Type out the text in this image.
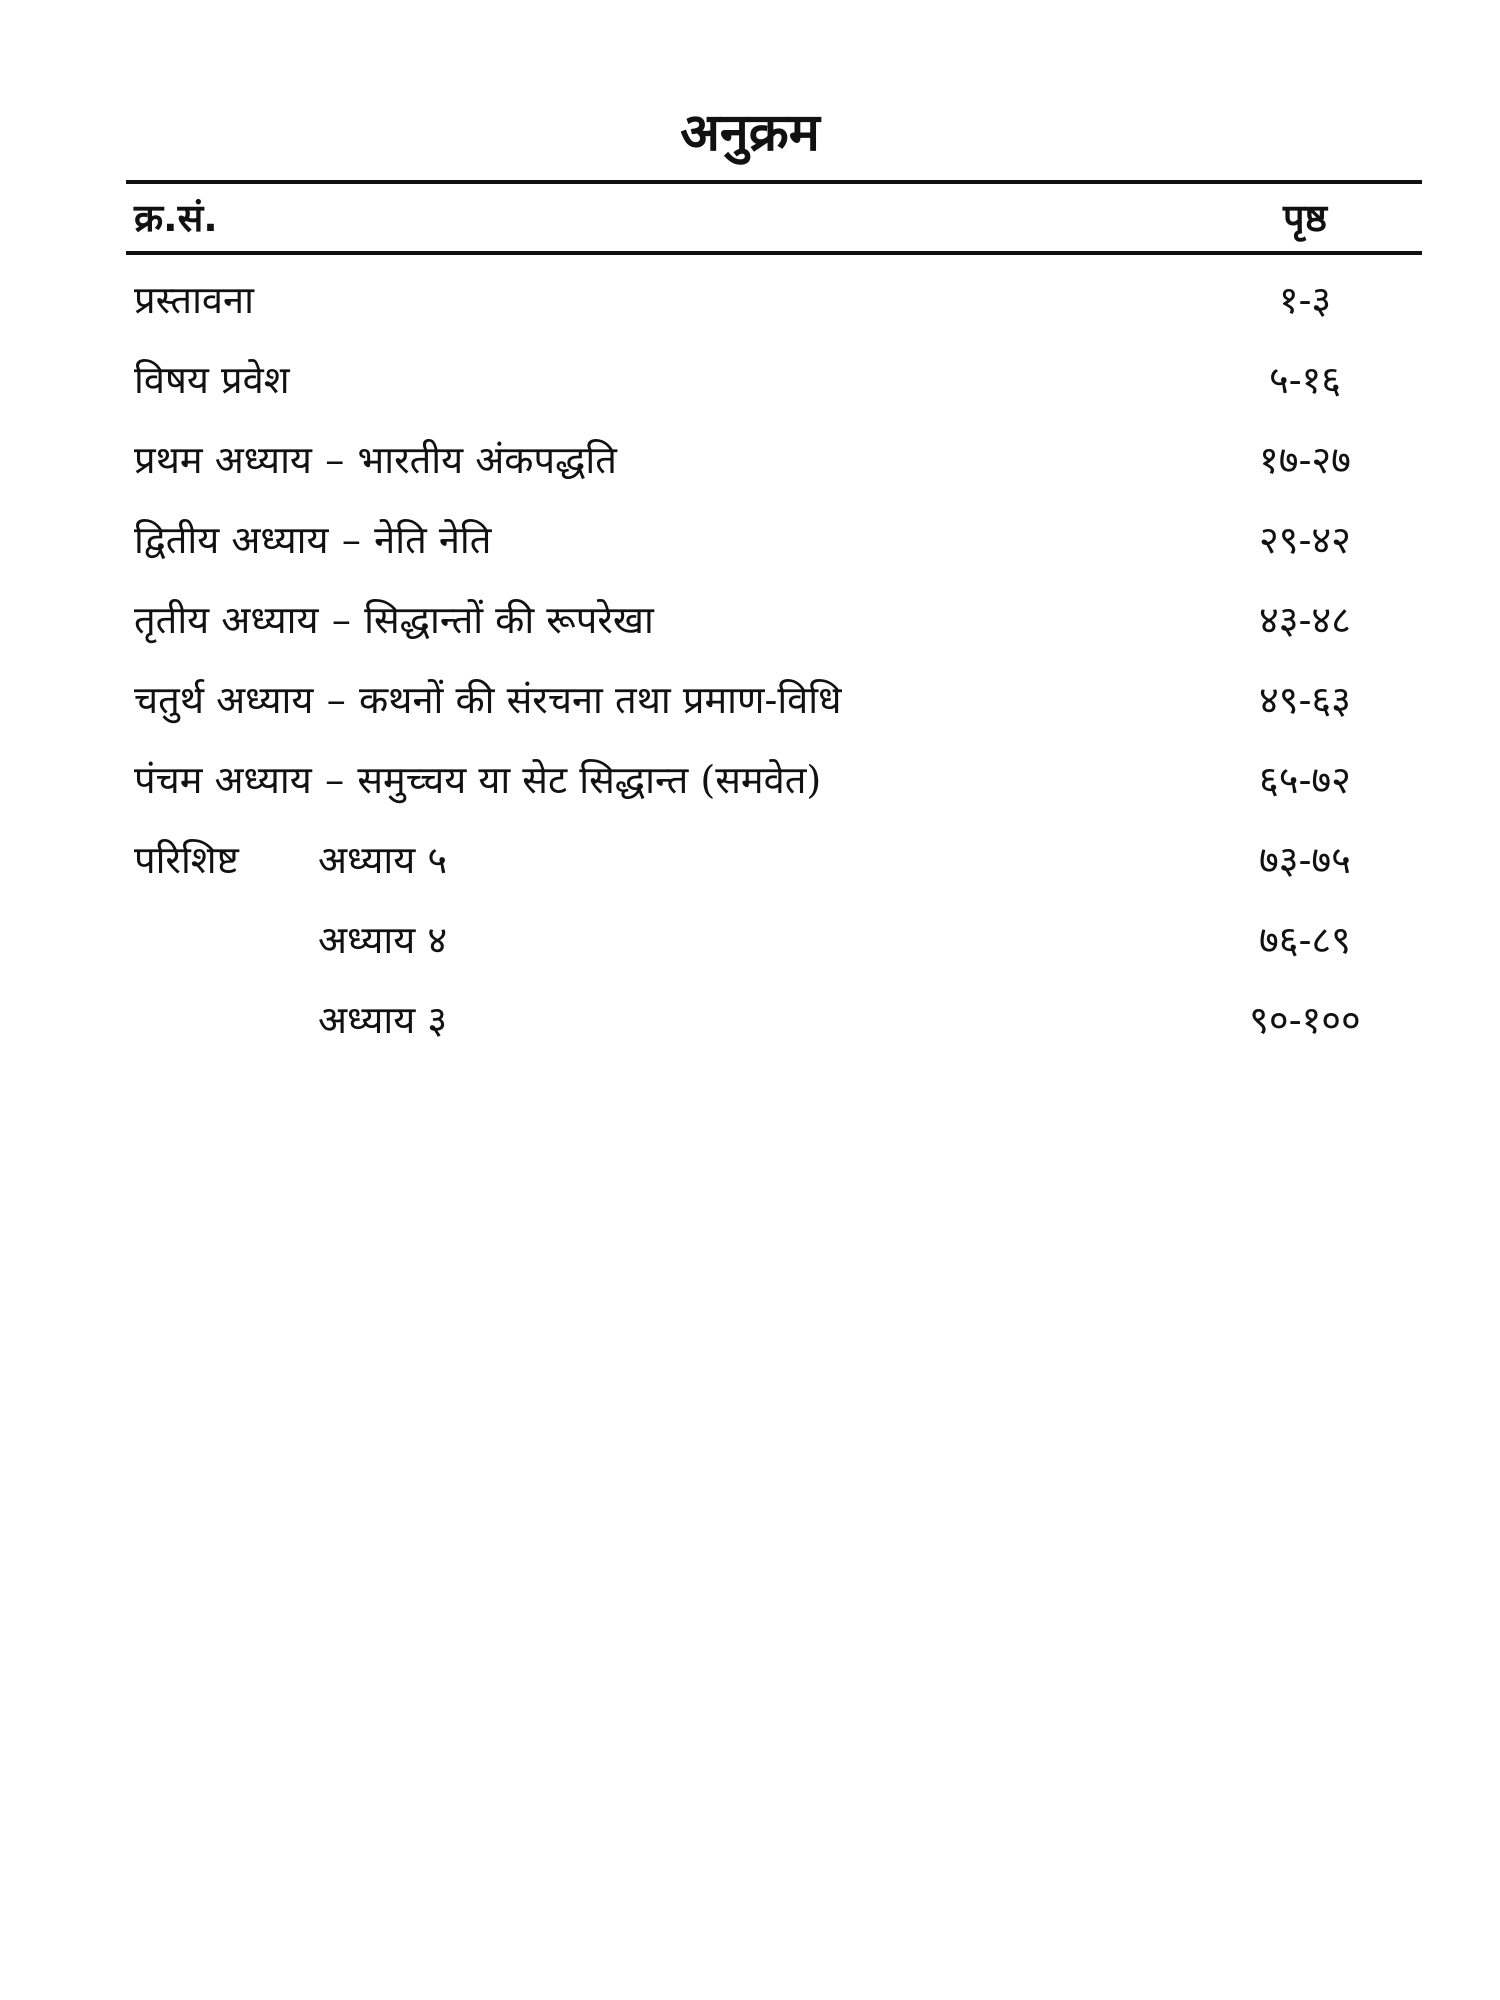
अनुक्रम
क्र.सं.	पृष्ठ
प्रस्तावना	१-३
विषय प्रवेश	५-१६
प्रथम अध्याय – भारतीय अंकपद्धति	१७-२७
द्वितीय अध्याय – नेति नेति	२९-४२
तृतीय अध्याय – सिद्धान्तों की रूपरेखा	४३-४८
चतुर्थ अध्याय – कथनों की संरचना तथा प्रमाण-विधि	४९-६३
पंचम अध्याय – समुच्चय या सेट सिद्धान्त (समवेत)	६५-७२
परिशिष्ट अध्याय ५	७३-७५
अध्याय ४	७६-८९
अध्याय ३	९०-१००
